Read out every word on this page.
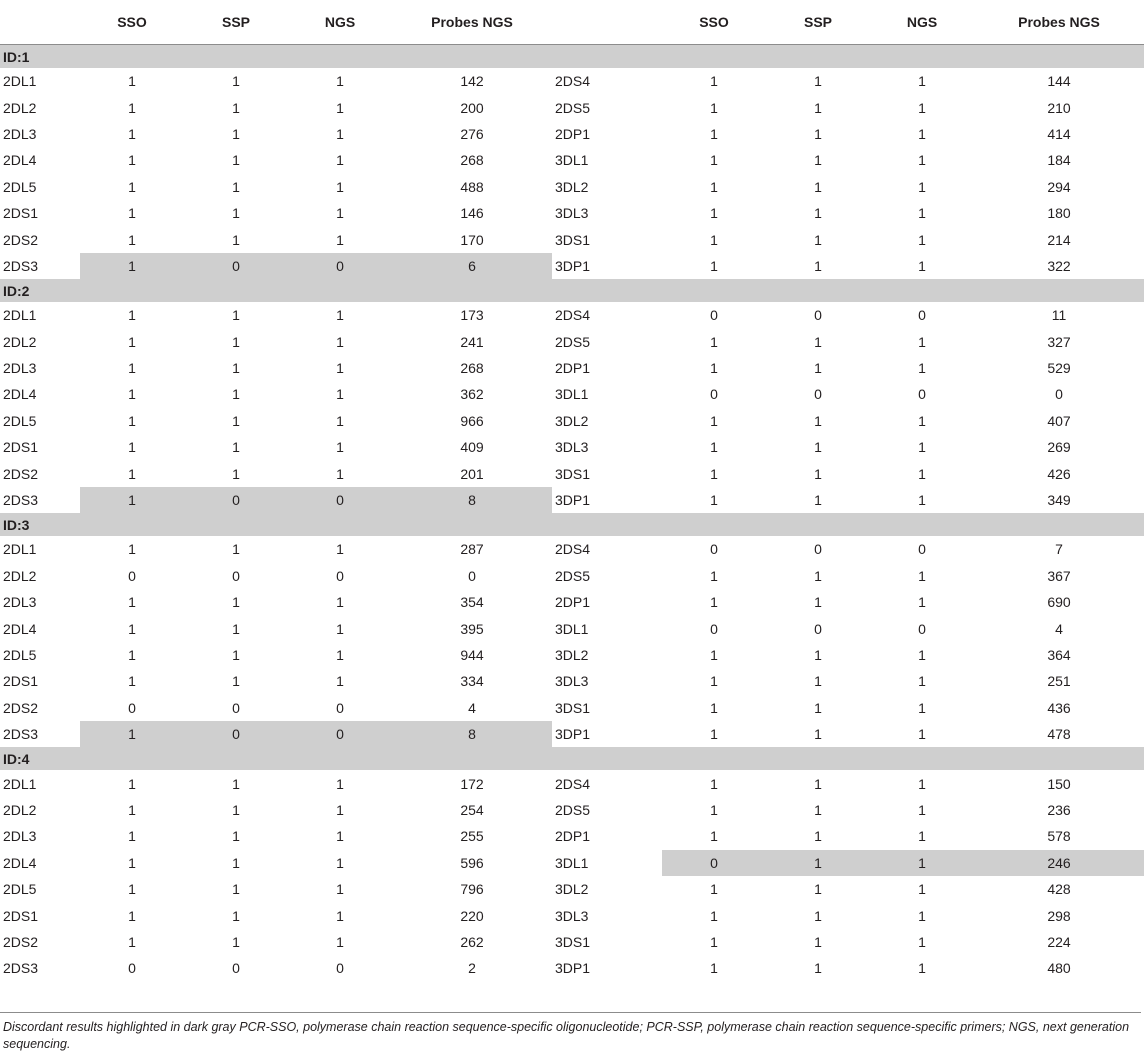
	SSO	SSP	NGS	Probes NGS		SSO	SSP	NGS	Probes NGS
ID:1									
2DL1	1	1	1	142	2DS4	1	1	1	144
2DL2	1	1	1	200	2DS5	1	1	1	210
2DL3	1	1	1	276	2DP1	1	1	1	414
2DL4	1	1	1	268	3DL1	1	1	1	184
2DL5	1	1	1	488	3DL2	1	1	1	294
2DS1	1	1	1	146	3DL3	1	1	1	180
2DS2	1	1	1	170	3DS1	1	1	1	214
2DS3	1	0	0	6	3DP1	1	1	1	322
ID:2									
2DL1	1	1	1	173	2DS4	0	0	0	11
2DL2	1	1	1	241	2DS5	1	1	1	327
2DL3	1	1	1	268	2DP1	1	1	1	529
2DL4	1	1	1	362	3DL1	0	0	0	0
2DL5	1	1	1	966	3DL2	1	1	1	407
2DS1	1	1	1	409	3DL3	1	1	1	269
2DS2	1	1	1	201	3DS1	1	1	1	426
2DS3	1	0	0	8	3DP1	1	1	1	349
ID:3									
2DL1	1	1	1	287	2DS4	0	0	0	7
2DL2	0	0	0	0	2DS5	1	1	1	367
2DL3	1	1	1	354	2DP1	1	1	1	690
2DL4	1	1	1	395	3DL1	0	0	0	4
2DL5	1	1	1	944	3DL2	1	1	1	364
2DS1	1	1	1	334	3DL3	1	1	1	251
2DS2	0	0	0	4	3DS1	1	1	1	436
2DS3	1	0	0	8	3DP1	1	1	1	478
ID:4									
2DL1	1	1	1	172	2DS4	1	1	1	150
2DL2	1	1	1	254	2DS5	1	1	1	236
2DL3	1	1	1	255	2DP1	1	1	1	578
2DL4	1	1	1	596	3DL1	0	1	1	246
2DL5	1	1	1	796	3DL2	1	1	1	428
2DS1	1	1	1	220	3DL3	1	1	1	298
2DS2	1	1	1	262	3DS1	1	1	1	224
2DS3	0	0	0	2	3DP1	1	1	1	480
Discordant results highlighted in dark gray PCR-SSO, polymerase chain reaction sequence-specific oligonucleotide; PCR-SSP, polymerase chain reaction sequence-specific primers; NGS, next generation sequencing.
